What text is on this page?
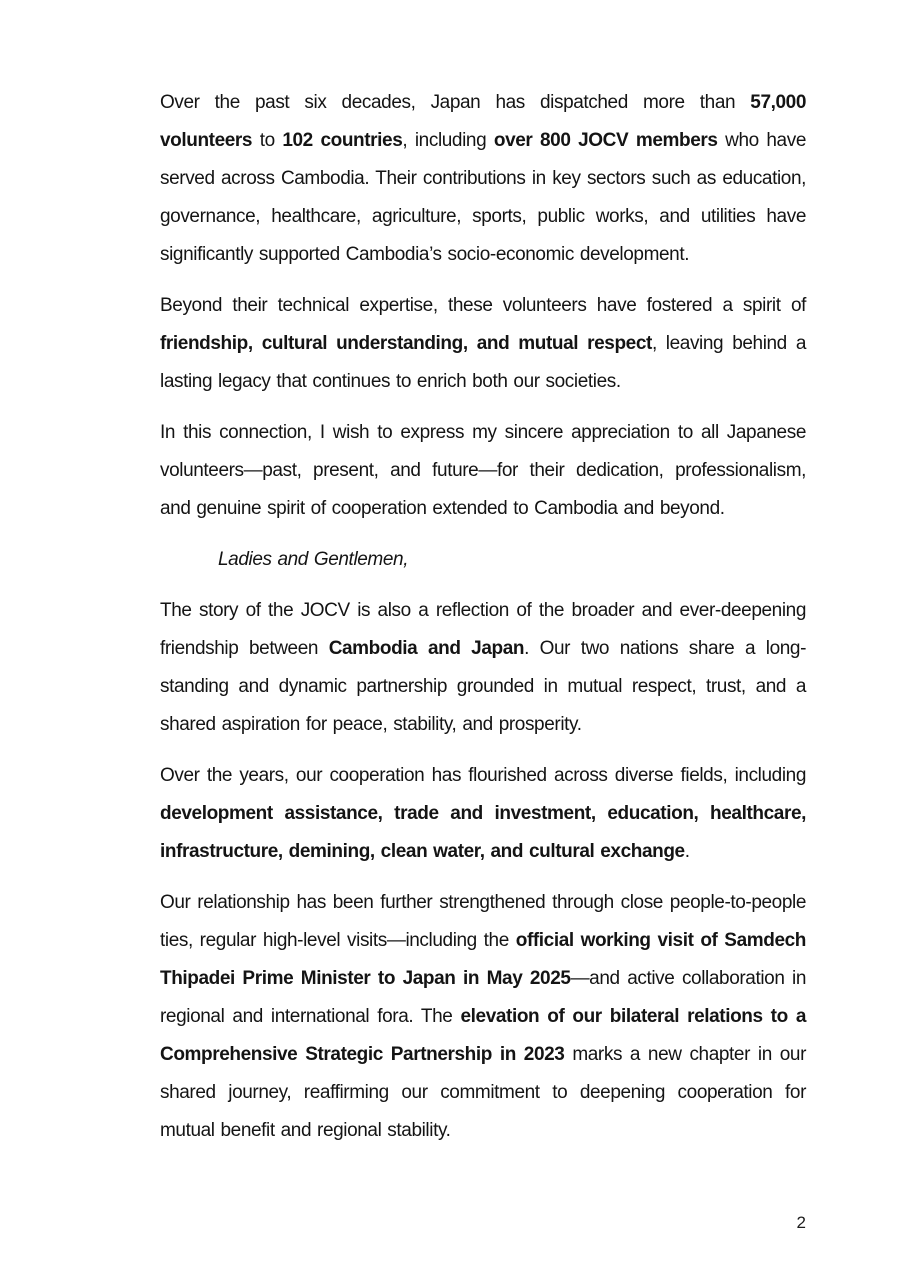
Over the past six decades, Japan has dispatched more than 57,000 volunteers to 102 countries, including over 800 JOCV members who have served across Cambodia. Their contributions in key sectors such as education, governance, healthcare, agriculture, sports, public works, and utilities have significantly supported Cambodia’s socio-economic development.

Beyond their technical expertise, these volunteers have fostered a spirit of friendship, cultural understanding, and mutual respect, leaving behind a lasting legacy that continues to enrich both our societies.

In this connection, I wish to express my sincere appreciation to all Japanese volunteers—past, present, and future—for their dedication, professionalism, and genuine spirit of cooperation extended to Cambodia and beyond.

Ladies and Gentlemen,

The story of the JOCV is also a reflection of the broader and ever-deepening friendship between Cambodia and Japan. Our two nations share a long-standing and dynamic partnership grounded in mutual respect, trust, and a shared aspiration for peace, stability, and prosperity.

Over the years, our cooperation has flourished across diverse fields, including development assistance, trade and investment, education, healthcare, infrastructure, demining, clean water, and cultural exchange.

Our relationship has been further strengthened through close people-to-people ties, regular high-level visits—including the official working visit of Samdech Thipadei Prime Minister to Japan in May 2025—and active collaboration in regional and international fora. The elevation of our bilateral relations to a Comprehensive Strategic Partnership in 2023 marks a new chapter in our shared journey, reaffirming our commitment to deepening cooperation for mutual benefit and regional stability.

2
